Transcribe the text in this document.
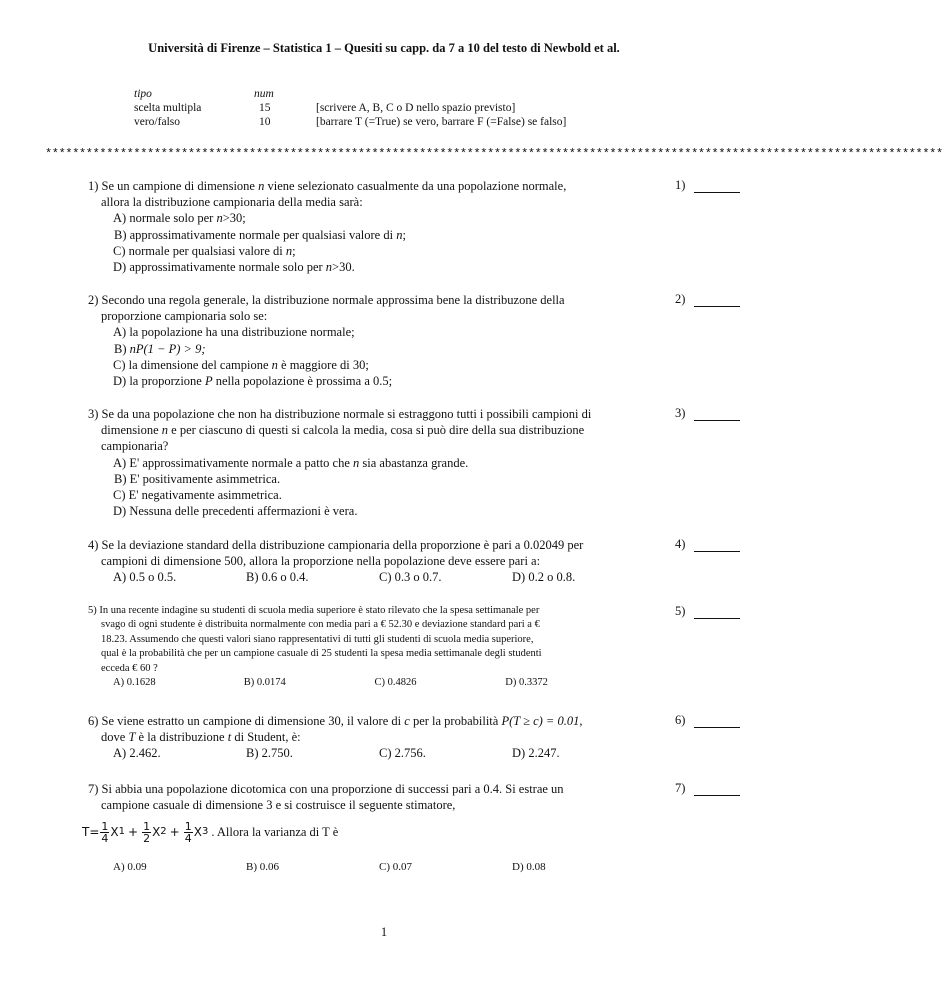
Università di Firenze – Statistica 1 – Quesiti su capp. da 7 a 10 del testo di Newbold et al.
tipo	num
scelta multipla	15	[scrivere A, B, C o D nello spazio previsto]
vero/falso	10	[barrare T (=True) se vero, barrare F (=False) se falso]
************************************************************************************************************************************
1) Se un campione di dimensione n viene selezionato casualmente da una popolazione normale,
allora la distribuzione campionaria della media sarà:
A) normale solo per n>30;
B) approssimativamente normale per qualsiasi valore di n;
C) normale per qualsiasi valore di n;
D) approssimativamente normale solo per n>30.
1)
2) Secondo una regola generale, la distribuzione normale approssima bene la distribuzone della
proporzione campionaria solo se:
A) la popolazione ha una distribuzione normale;
B) nP(1 − P) > 9;
C) la dimensione del campione n è maggiore di 30;
D) la proporzione P nella popolazione è prossima a 0.5;
2)
3) Se da una popolazione che non ha distribuzione normale si estraggono tutti i possibili campioni di
dimensione n e per ciascuno di questi si calcola la media, cosa si può dire della sua distribuzione
campionaria?
A) E' approssimativamente normale a patto che n sia abastanza grande.
B) E' positivamente asimmetrica.
C) E' negativamente asimmetrica.
D) Nessuna delle precedenti affermazioni è vera.
3)
4) Se la deviazione standard della distribuzione campionaria della proporzione è pari a 0.02049 per
campioni di dimensione 500, allora la proporzione nella popolazione deve essere pari a:
A) 0.5 o 0.5.	B) 0.6 o 0.4.	C) 0.3 o 0.7.	D) 0.2 o 0.8.
4)
5) In una recente indagine su studenti di scuola media superiore è stato rilevato che la spesa settimanale per
svago di ogni studente è distribuita normalmente con media pari a € 52.30 e deviazione standard pari a €
18.23. Assumendo che questi valori siano rappresentativi di tutti gli studenti di scuola media superiore,
qual è la probabilità che per un campione casuale di 25 studenti la spesa media settimanale degli studenti
ecceda € 60 ?
A) 0.1628	B) 0.0174	C) 0.4826	D) 0.3372
5)
6) Se viene estratto un campione di dimensione 30, il valore di c per la probabilità P(T ≥ c) = 0.01,
dove T è la distribuzione t di Student, è:
A) 2.462.	B) 2.750.	C) 2.756.	D) 2.247.
6)
7) Si abbia una popolazione dicotomica con una proporzione di successi pari a 0.4. Si estrae un
campione casuale di dimensione 3 e si costruisce il seguente stimatore,
$T= \frac{1}{4}$ X $1 + \frac{1}{2}$ X $2 + \frac{1}{4}$ X 3 . Allora la varianza di T è
A) 0.09	B) 0.06	C) 0.07	D) 0.08
7)
1
